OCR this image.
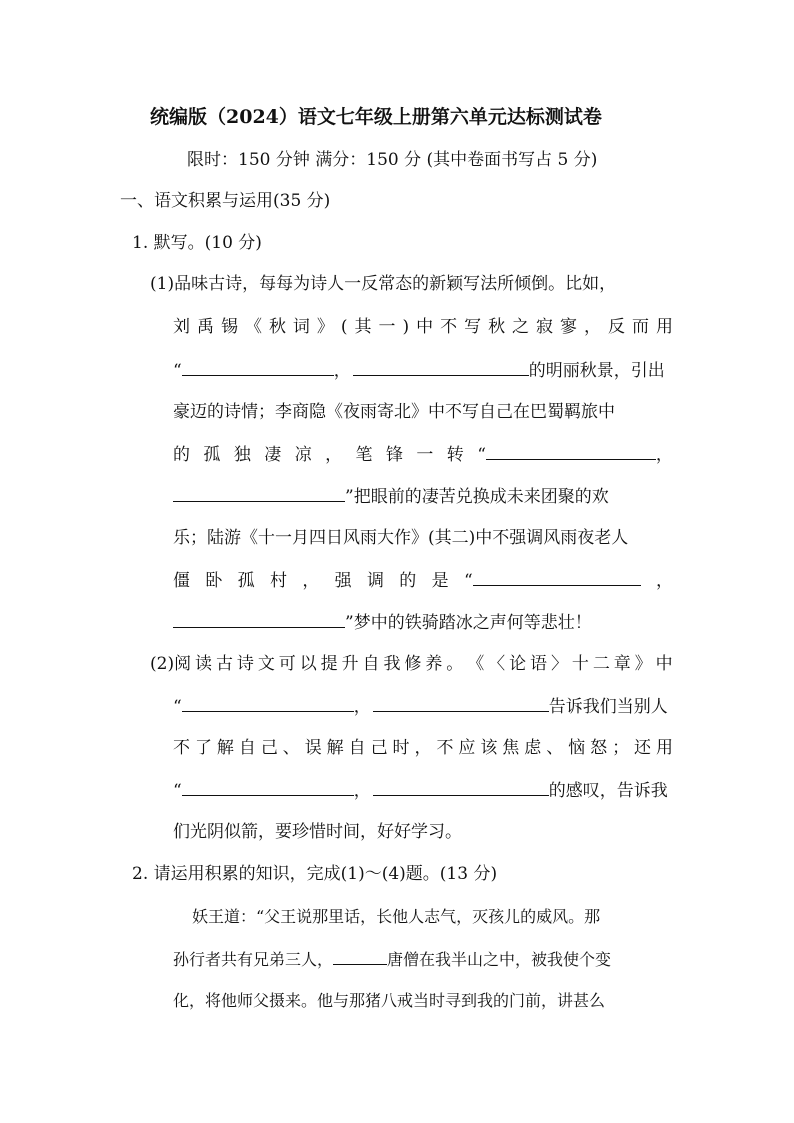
统编版（2024）语文七年级上册第六单元达标测试卷
限时：150 分钟 满分：150 分 (其中卷面书写占 5 分)
一、语文积累与运用(35 分)
1. 默写。(10 分)
(1)品味古诗，每每为诗人一反常态的新颖写法所倾倒。比如，
刘 禹 锡 《 秋 词 》 ( 其 一 ) 中 不 写 秋 之 寂 寥 ， 反 而 用
“	，	的明丽秋景，引出
豪迈的诗情；李商隐《夜雨寄北》中不写自己在巴蜀羁旅中
的 孤 独 凄 凉 ， 笔 锋 一 转 “	，
”把眼前的凄苦兑换成未来团聚的欢
乐；陆游《十一月四日风雨大作》(其二)中不强调风雨夜老人
僵 卧 孤 村 ， 强 调 的 是 “	，
”梦中的铁骑踏冰之声何等悲壮！
(2)阅 读 古 诗 文 可 以 提 升 自 我 修 养 。 《 〈 论 语 〉 十 二 章 》 中
“	，	告诉我们当别人
不 了 解 自 己 、 误 解 自 己 时 ， 不 应 该 焦 虑 、 恼 怒 ； 还 用
“	，	的感叹，告诉我
们光阴似箭，要珍惜时间，好好学习。
2. 请运用积累的知识，完成(1)～(4)题。(13 分)
妖王道：“父王说那里话，长他人志气，灭孩儿的威风。那
孙行者共有兄弟三人，	唐僧在我半山之中，被我使个变
化，将他师父摄来。他与那猪八戒当时寻到我的门前，讲甚么
